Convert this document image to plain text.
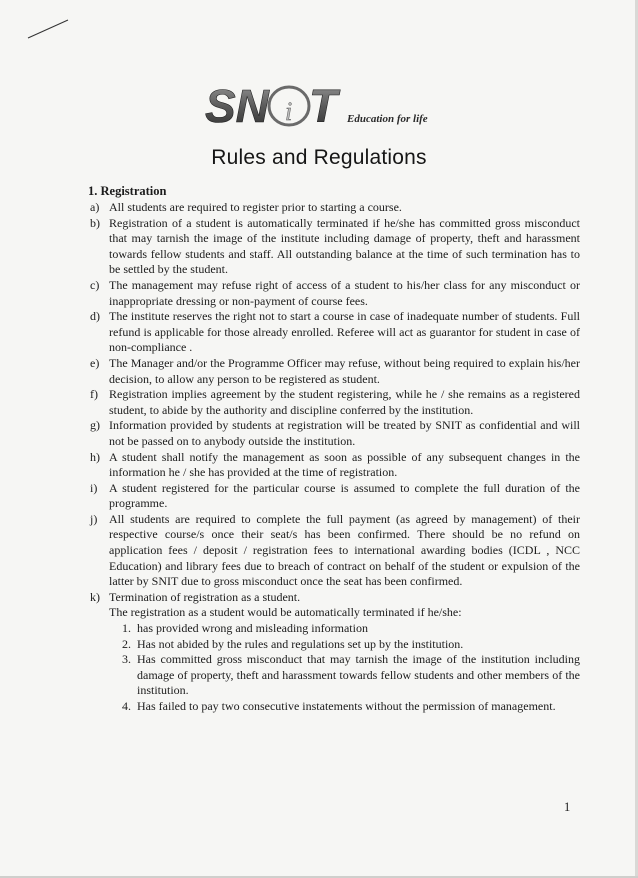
SN i T Education for life
Rules and Regulations
1. Registration
a) All students are required to register prior to starting a course.
b) Registration of a student is automatically terminated if he/she has committed gross misconduct that may tarnish the image of the institute including damage of property, theft and harassment towards fellow students and staff. All outstanding balance at the time of such termination has to be settled by the student.
c) The management may refuse right of access of a student to his/her class for any misconduct or inappropriate dressing or non-payment of course fees.
d) The institute reserves the right not to start a course in case of inadequate number of students. Full refund is applicable for those already enrolled. Referee will act as guarantor for student in case of non-compliance .
e) The Manager and/or the Programme Officer may refuse, without being required to explain his/her decision, to allow any person to be registered as student.
f) Registration implies agreement by the student registering, while he / she remains as a registered student, to abide by the authority and discipline conferred by the institution.
g) Information provided by students at registration will be treated by SNIT as confidential and will not be passed on to anybody outside the institution.
h) A student shall notify the management as soon as possible of any subsequent changes in the information he / she has provided at the time of registration.
i) A student registered for the particular course is assumed to complete the full duration of the programme.
j) All students are required to complete the full payment (as agreed by management) of their respective course/s once their seat/s has been confirmed. There should be no refund on application fees / deposit / registration fees to international awarding bodies (ICDL , NCC Education) and library fees due to breach of contract on behalf of the student or expulsion of the latter by SNIT due to gross misconduct once the seat has been confirmed.
k) Termination of registration as a student.
The registration as a student would be automatically terminated if he/she:
1. has provided wrong and misleading information
2. Has not abided by the rules and regulations set up by the institution.
3. Has committed gross misconduct that may tarnish the image of the institution including damage of property, theft and harassment towards fellow students and other members of the institution.
4. Has failed to pay two consecutive instatements without the permission of management.
1
